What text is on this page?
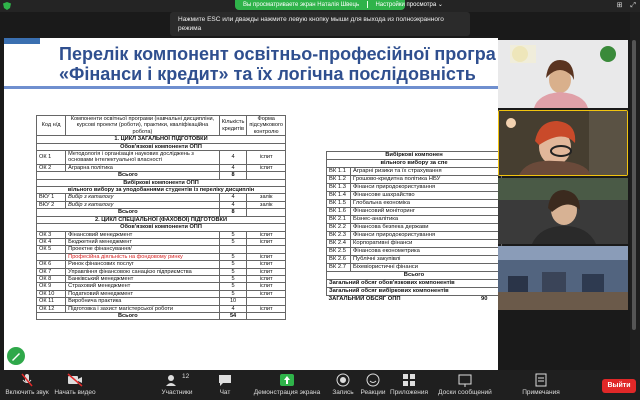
Вы просматриваете экран Наталія Швець	Настройки просмотра ⌄	⊞ ⤢
Нажмите ESC или дважды нажмите левую кнопку мыши для выхода из полноэкранного
режима
Перелік компонент освітньо-професійної програ
«Фінанси і кредит» та їх логічна послідовність
Код н/д	Компоненти освітньої програми (навчальні дисципліни, курсові проекти (роботи), практики, кваліфікаційна робота)	Кількість кредитів	Форма підсумкового контролю
1. ЦИКЛ ЗАГАЛЬНОЇ ПІДГОТОВКИ			
Обов'язкові компоненти ОПП			
ОК 1	Методологія і організація наукових досліджень з основами інтелектуальної власності	4	іспит
ОК 2	Аграрна політика	4	іспит
Всього		8	
Вибіркові компоненти ОПП			
вільного вибору за уподобаннями студентів із переліку дисциплін			
ВКУ 1	Вибір з каталогу	4	залік
ВКУ 2	Вибір з каталогу	4	залік
Всього		8	
2. ЦИКЛ СПЕЦІАЛЬНОЇ (ФАХОВОЇ) ПІДГОТОВКИ			
Обов'язкові компоненти ОПП			
ОК 3	Фінансовий менеджмент	5	іспит
ОК 4	Бюджетний менеджмент	5	іспит
ОК 5	Проектне фінансування/		
	Професійна діяльність на фондовому ринку	5	іспит
ОК 6	Ринок фінансових послуг	5	іспит
ОК 7	Управління фінансовою санацією підприємства	5	іспит
ОК 8	Банківський менеджмент	5	іспит
ОК 9	Страховий менеджмент	5	іспит
ОК 10	Податковий менеджмент	5	іспит
ОК 11	Виробнича практика	10	
ОК 12	Підготовка і захист магістерської роботи	4	іспит
Всього		54	
Вибіркові компонен	
вільного вибору за спе	
ВК 1.1	Аграрні ризики та їх страхування
ВК 1.2	Грошово-кредитна політика НБУ
ВК 1.3	Фінанси природокористування
ВК 1.4	Фінансове шахрайство
ВК 1.5	Глобальна економіка
ВК 1.6	Фінансовий моніторинг
ВК 2.1	Бізнес-аналітика
ВК 2.2	Фінансова безпека держави
ВК 2.3	Фінанси природокористування
ВК 2.4	Корпоративні фінанси
ВК 2.5	Фінансова економетрика
ВК 2.6	Публічні закупівлі
ВК 2.7	Біхевіористичні фінанси
Всього	
Загальний обсяг обов'язкових компонентів	
Загальний обсяг вибіркових компонентів	
ЗАГАЛЬНИЙ ОБСЯГ ОПП 90	
Включить звук Начать видео
12
Участники	Чат	Демонстрация экрана	Запись	Реакции Приложения	Доски сообщений	Примечания
Выйти
